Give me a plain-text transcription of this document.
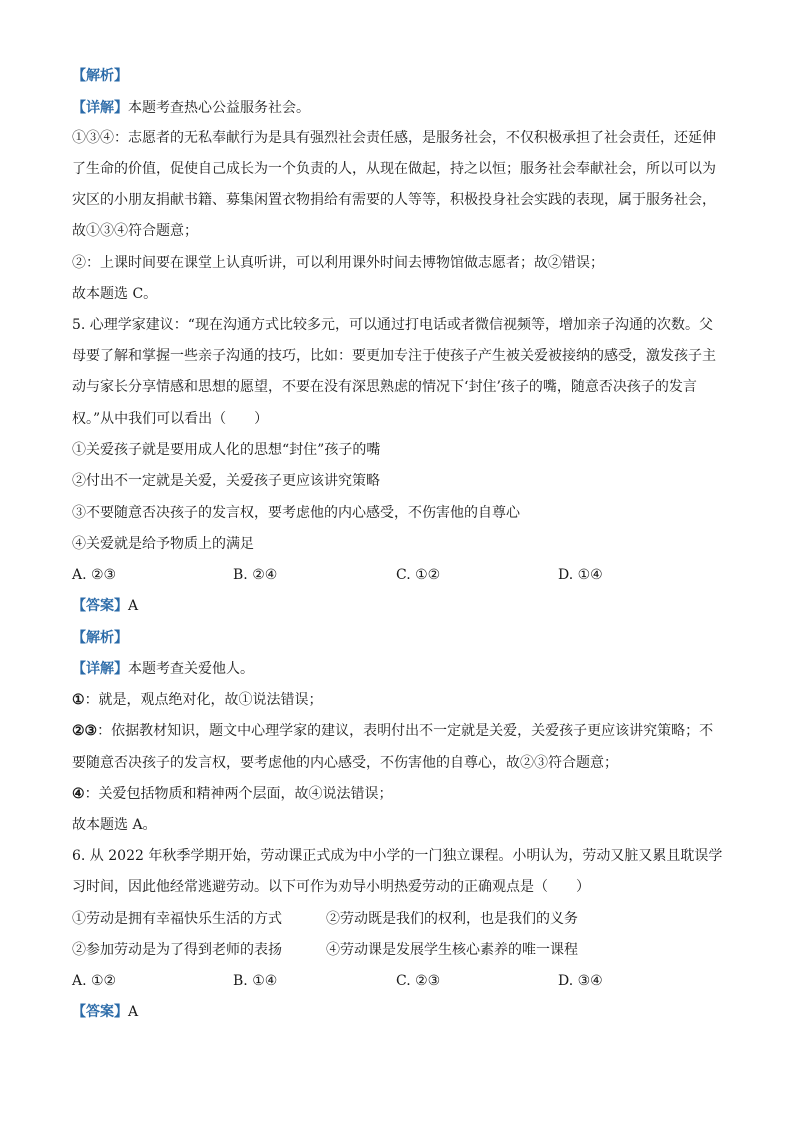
【解析】
【详解】本题考查热心公益服务社会。
①③④：志愿者的无私奉献行为是具有强烈社会责任感，是服务社会，不仅积极承担了社会责任，还延伸
了生命的价值，促使自己成长为一个负责的人，从现在做起，持之以恒；服务社会奉献社会，所以可以为
灾区的小朋友捐献书籍、募集闲置衣物捐给有需要的人等等，积极投身社会实践的表现，属于服务社会，
故①③④符合题意；
②：上课时间要在课堂上认真听讲，可以利用课外时间去博物馆做志愿者；故②错误；
故本题选 C。
5. 心理学家建议：“现在沟通方式比较多元，可以通过打电话或者微信视频等，增加亲子沟通的次数。父
母要了解和掌握一些亲子沟通的技巧，比如：要更加专注于使孩子产生被关爱被接纳的感受，激发孩子主
动与家长分享情感和思想的愿望，不要在没有深思熟虑的情况下‘封住’孩子的嘴，随意否决孩子的发言
权。”从中我们可以看出（　　）
①关爱孩子就是要用成人化的思想“封住”孩子的嘴
②付出不一定就是关爱，关爱孩子更应该讲究策略
③不要随意否决孩子的发言权，要考虑他的内心感受，不伤害他的自尊心
④关爱就是给予物质上的满足
A. ②③	B. ②④	C. ①②	D. ①④
【答案】A
【解析】
【详解】本题考查关爱他人。
①：就是，观点绝对化，故①说法错误；
②③：依据教材知识，题文中心理学家的建议，表明付出不一定就是关爱，关爱孩子更应该讲究策略；不
要随意否决孩子的发言权，要考虑他的内心感受，不伤害他的自尊心，故②③符合题意；
④：关爱包括物质和精神两个层面，故④说法错误；
故本题选 A。
6. 从 2022 年秋季学期开始，劳动课正式成为中小学的一门独立课程。小明认为，劳动又脏又累且耽误学
习时间，因此他经常逃避劳动。以下可作为劝导小明热爱劳动的正确观点是（　　）
①劳动是拥有幸福快乐生活的方式	②劳动既是我们的权利，也是我们的义务
②参加劳动是为了得到老师的表扬	④劳动课是发展学生核心素养的唯一课程
A. ①②	B. ①④	C. ②③	D. ③④
【答案】A
